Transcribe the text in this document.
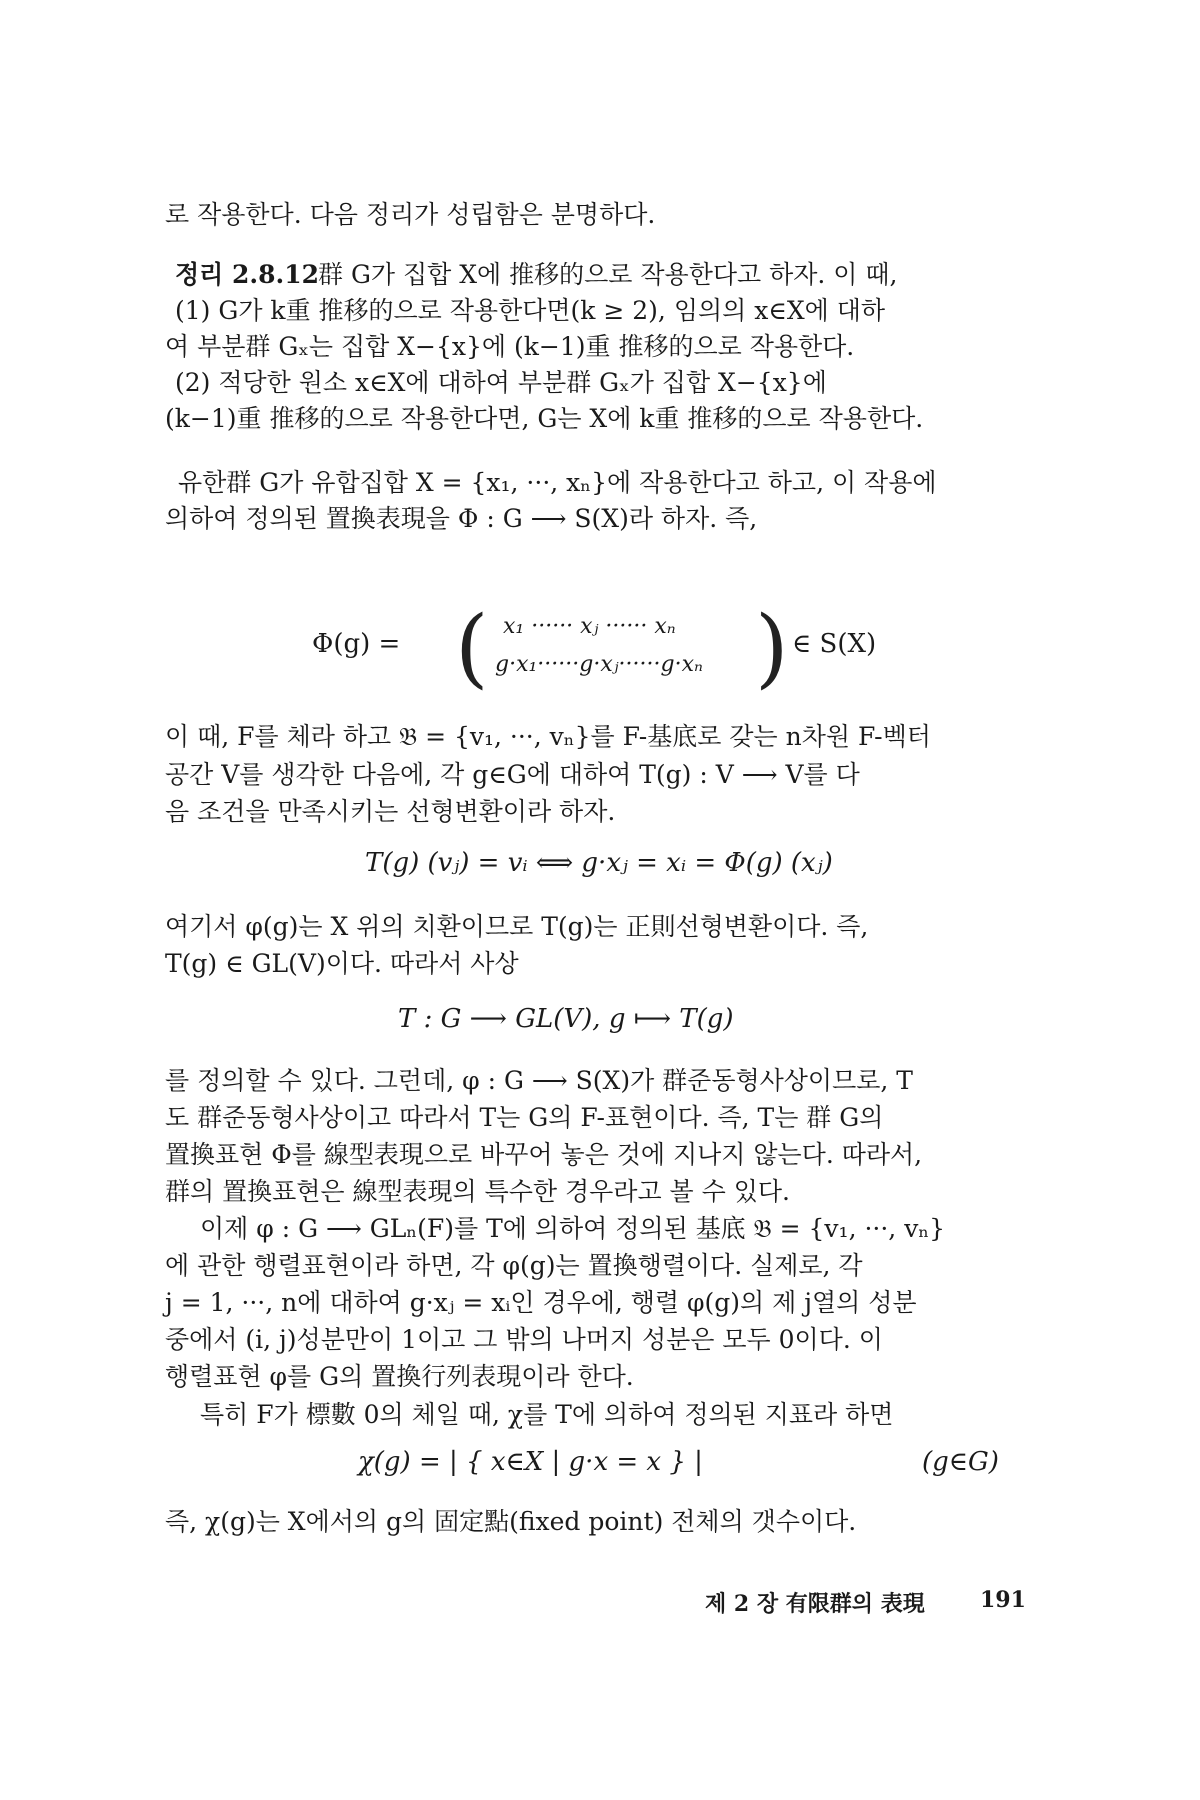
로 작용한다. 다음 정리가 성립함은 분명하다.
정리 2.8.12 群 G가 집합 X에 推移的으로 작용한다고 하자. 이 때,
(1) G가 k重 推移的으로 작용한다면(k ≥ 2), 임의의 x∈X에 대하
여 부분群 Gₓ는 집합 X−{x}에 (k−1)重 推移的으로 작용한다.
(2) 적당한 원소 x∈X에 대하여 부분群 Gₓ가 집합 X−{x}에
(k−1)重 推移的으로 작용한다면, G는 X에 k重 推移的으로 작용한다.
유한群 G가 유합집합 X = {x₁, ···, xₙ}에 작용한다고 하고, 이 작용에
의하여 정의된 置換表現을 Φ : G ⟶ S(X)라 하자. 즉,
Φ(g) = ( x₁ ······ xⱼ ······ xₙ
g·x₁······g·xⱼ······g·xₙ ) ∈ S(X)
이 때, F를 체라 하고 𝔅 = {v₁, ···, vₙ}를 F-基底로 갖는 n차원 F-벡터
공간 V를 생각한 다음에, 각 g∈G에 대하여 T(g) : V ⟶ V를 다
음 조건을 만족시키는 선형변환이라 하자.
T(g) (vⱼ) = vᵢ ⟺ g·xⱼ = xᵢ = Φ(g) (xⱼ)
여기서 φ(g)는 X 위의 치환이므로 T(g)는 正則선형변환이다. 즉,
T(g) ∈ GL(V)이다. 따라서 사상
T : G ⟶ GL(V), g ⟼ T(g)
를 정의할 수 있다. 그런데, φ : G ⟶ S(X)가 群준동형사상이므로, T
도 群준동형사상이고 따라서 T는 G의 F-표현이다. 즉, T는 群 G의
置換표현 Φ를 線型表現으로 바꾸어 놓은 것에 지나지 않는다. 따라서,
群의 置換표현은 線型表現의 특수한 경우라고 볼 수 있다.
이제 φ : G ⟶ GLₙ(F)를 T에 의하여 정의된 基底 𝔅 = {v₁, ···, vₙ}
에 관한 행렬표현이라 하면, 각 φ(g)는 置換행렬이다. 실제로, 각
j = 1, ···, n에 대하여 g·xⱼ = xᵢ인 경우에, 행렬 φ(g)의 제 j열의 성분
중에서 (i, j)성분만이 1이고 그 밖의 나머지 성분은 모두 0이다. 이
행렬표현 φ를 G의 置換行列表現이라 한다.
특히 F가 標數 0의 체일 때, χ를 T에 의하여 정의된 지표라 하면
χ(g) = | { x∈X | g·x = x } |	(g∈G)
즉, χ(g)는 X에서의 g의 固定點(fixed point) 전체의 갯수이다.
제 2 장 有限群의 表現	191
